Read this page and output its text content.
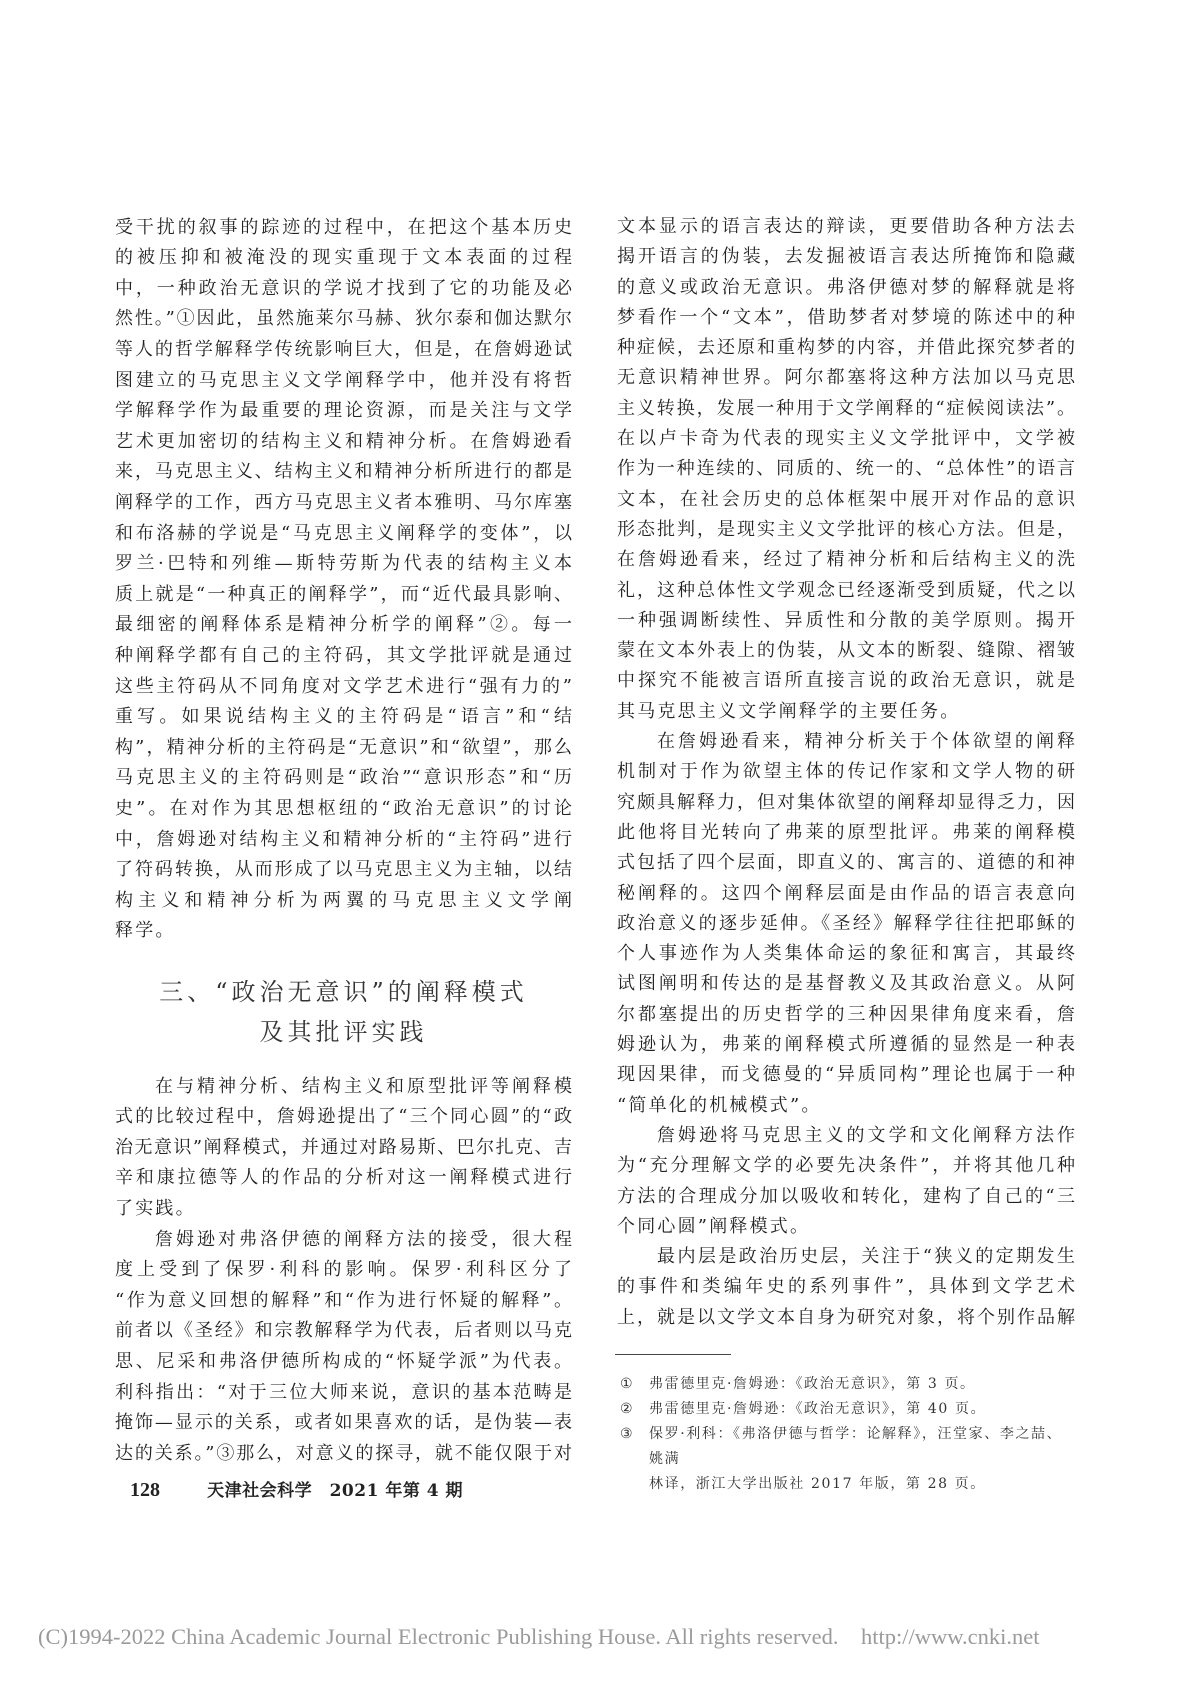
受干扰的叙事的踪迹的过程中，在把这个基本历史
的被压抑和被淹没的现实重现于文本表面的过程
中，一种政治无意识的学说才找到了它的功能及必
然性。”①因此，虽然施莱尔马赫、狄尔泰和伽达默尔
等人的哲学解释学传统影响巨大，但是，在詹姆逊试
图建立的马克思主义文学阐释学中，他并没有将哲
学解释学作为最重要的理论资源，而是关注与文学
艺术更加密切的结构主义和精神分析。在詹姆逊看
来，马克思主义、结构主义和精神分析所进行的都是
阐释学的工作，西方马克思主义者本雅明、马尔库塞
和布洛赫的学说是“马克思主义阐释学的变体”，以
罗兰·巴特和列维—斯特劳斯为代表的结构主义本
质上就是“一种真正的阐释学”，而“近代最具影响、
最细密的阐释体系是精神分析学的阐释”②。每一
种阐释学都有自己的主符码，其文学批评就是通过
这些主符码从不同角度对文学艺术进行“强有力的”
重写。如果说结构主义的主符码是“语言”和“结
构”，精神分析的主符码是“无意识”和“欲望”，那么
马克思主义的主符码则是“政治”“意识形态”和“历
史”。在对作为其思想枢纽的“政治无意识”的讨论
中，詹姆逊对结构主义和精神分析的“主符码”进行
了符码转换，从而形成了以马克思主义为主轴，以结
构主义和精神分析为两翼的马克思主义文学阐
释学。
三、“政治无意识”的阐释模式
及其批评实践
在与精神分析、结构主义和原型批评等阐释模
式的比较过程中，詹姆逊提出了“三个同心圆”的“政
治无意识”阐释模式，并通过对路易斯、巴尔扎克、吉
辛和康拉德等人的作品的分析对这一阐释模式进行
了实践。
詹姆逊对弗洛伊德的阐释方法的接受，很大程
度上受到了保罗·利科的影响。保罗·利科区分了
“作为意义回想的解释”和“作为进行怀疑的解释”。
前者以《圣经》和宗教解释学为代表，后者则以马克
思、尼采和弗洛伊德所构成的“怀疑学派”为代表。
利科指出：“对于三位大师来说，意识的基本范畴是
掩饰—显示的关系，或者如果喜欢的话，是伪装—表
达的关系。”③那么，对意义的探寻，就不能仅限于对
文本显示的语言表达的辩读，更要借助各种方法去
揭开语言的伪装，去发掘被语言表达所掩饰和隐藏
的意义或政治无意识。弗洛伊德对梦的解释就是将
梦看作一个“文本”，借助梦者对梦境的陈述中的种
种症候，去还原和重构梦的内容，并借此探究梦者的
无意识精神世界。阿尔都塞将这种方法加以马克思
主义转换，发展一种用于文学阐释的“症候阅读法”。
在以卢卡奇为代表的现实主义文学批评中，文学被
作为一种连续的、同质的、统一的、“总体性”的语言
文本，在社会历史的总体框架中展开对作品的意识
形态批判，是现实主义文学批评的核心方法。但是，
在詹姆逊看来，经过了精神分析和后结构主义的洗
礼，这种总体性文学观念已经逐渐受到质疑，代之以
一种强调断续性、异质性和分散的美学原则。揭开
蒙在文本外表上的伪装，从文本的断裂、缝隙、褶皱
中探究不能被言语所直接言说的政治无意识，就是
其马克思主义文学阐释学的主要任务。
在詹姆逊看来，精神分析关于个体欲望的阐释
机制对于作为欲望主体的传记作家和文学人物的研
究颇具解释力，但对集体欲望的阐释却显得乏力，因
此他将目光转向了弗莱的原型批评。弗莱的阐释模
式包括了四个层面，即直义的、寓言的、道德的和神
秘阐释的。这四个阐释层面是由作品的语言表意向
政治意义的逐步延伸。《圣经》解释学往往把耶稣的
个人事迹作为人类集体命运的象征和寓言，其最终
试图阐明和传达的是基督教义及其政治意义。从阿
尔都塞提出的历史哲学的三种因果律角度来看，詹
姆逊认为，弗莱的阐释模式所遵循的显然是一种表
现因果律，而戈德曼的“异质同构”理论也属于一种
“简单化的机械模式”。
詹姆逊将马克思主义的文学和文化阐释方法作
为“充分理解文学的必要先决条件”，并将其他几种
方法的合理成分加以吸收和转化，建构了自己的“三
个同心圆”阐释模式。
最内层是政治历史层，关注于“狭义的定期发生
的事件和类编年史的系列事件”，具体到文学艺术
上，就是以文学文本自身为研究对象，将个别作品解
① 弗雷德里克·詹姆逊：《政治无意识》，第 3 页。
② 弗雷德里克·詹姆逊：《政治无意识》，第 40 页。
③ 保罗·利科：《弗洛伊德与哲学：论解释》，汪堂家、李之喆、姚满
林译，浙江大学出版社 2017 年版，第 28 页。
128	天津社会科学　2021 年第 4 期
(C)1994-2022 China Academic Journal Electronic Publishing House. All rights reserved.    http://www.cnki.net
